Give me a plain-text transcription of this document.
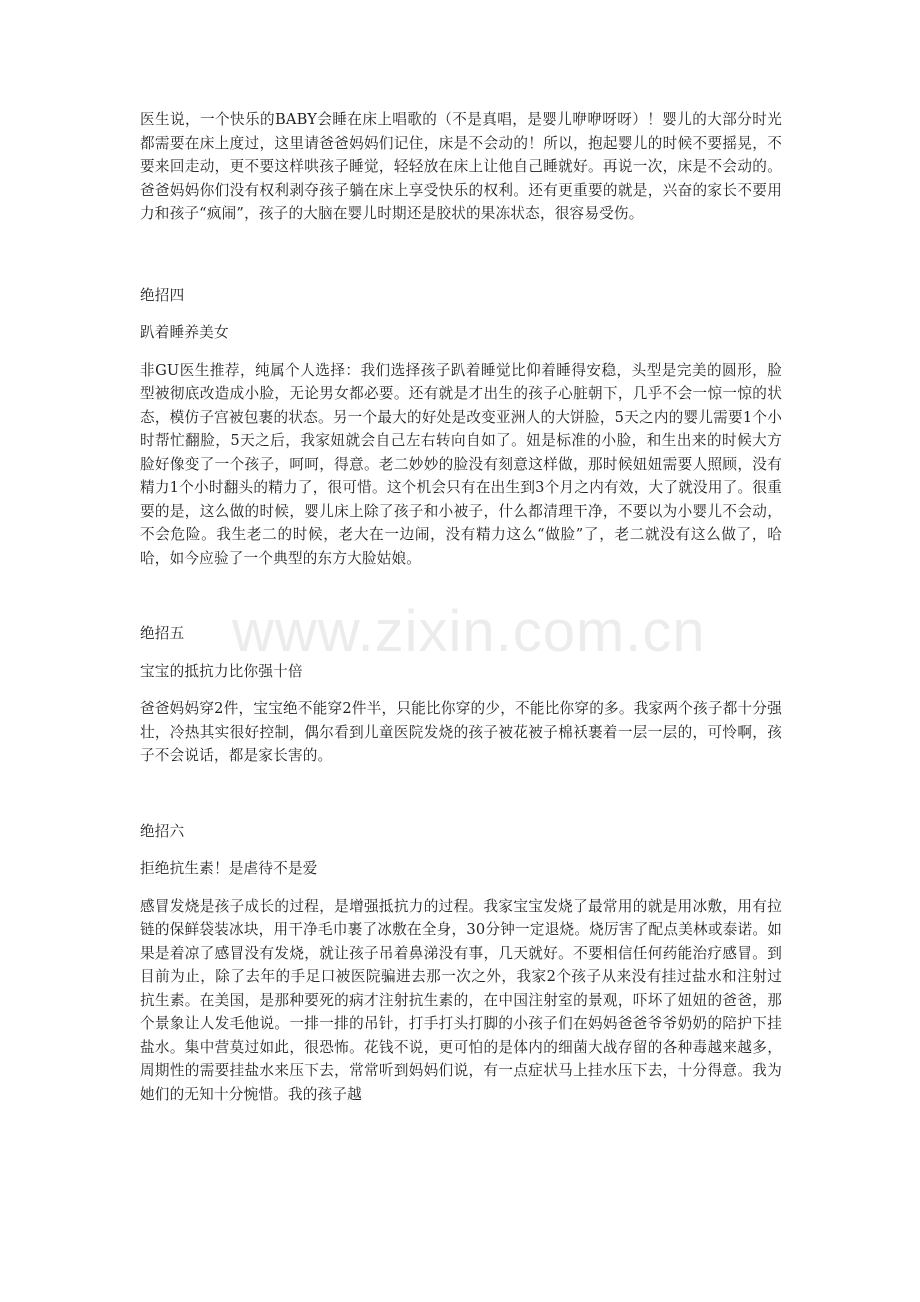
医生说，一个快乐的BABY会睡在床上唱歌的（不是真唱，是婴儿咿咿呀呀）！婴儿的大部分时光都需要在床上度过，这里请爸爸妈妈们记住，床是不会动的！所以，抱起婴儿的时候不要摇晃，不要来回走动，更不要这样哄孩子睡觉，轻轻放在床上让他自己睡就好。再说一次，床是不会动的。爸爸妈妈你们没有权利剥夺孩子躺在床上享受快乐的权利。还有更重要的就是，兴奋的家长不要用力和孩子“疯闹”，孩子的大脑在婴儿时期还是胶状的果冻状态，很容易受伤。

绝招四

趴着睡养美女

非GU医生推荐，纯属个人选择：我们选择孩子趴着睡觉比仰着睡得安稳，头型是完美的圆形，脸型被彻底改造成小脸，无论男女都必要。还有就是才出生的孩子心脏朝下，几乎不会一惊一惊的状态，模仿子宫被包裹的状态。另一个最大的好处是改变亚洲人的大饼脸，5天之内的婴儿需要1个小时帮忙翻脸，5天之后，我家妞就会自己左右转向自如了。妞是标准的小脸，和生出来的时候大方脸好像变了一个孩子，呵呵，得意。老二妙妙的脸没有刻意这样做，那时候妞妞需要人照顾，没有精力1个小时翻头的精力了，很可惜。这个机会只有在出生到3个月之内有效，大了就没用了。很重要的是，这么做的时候，婴儿床上除了孩子和小被子，什么都清理干净，不要以为小婴儿不会动，不会危险。我生老二的时候，老大在一边闹，没有精力这么“做脸”了，老二就没有这么做了，哈哈，如今应验了一个典型的东方大脸姑娘。

绝招五

宝宝的抵抗力比你强十倍

爸爸妈妈穿2件，宝宝绝不能穿2件半，只能比你穿的少，不能比你穿的多。我家两个孩子都十分强壮，冷热其实很好控制，偶尔看到儿童医院发烧的孩子被花被子棉袄裹着一层一层的，可怜啊，孩子不会说话，都是家长害的。

绝招六

拒绝抗生素！是虐待不是爱

感冒发烧是孩子成长的过程，是增强抵抗力的过程。我家宝宝发烧了最常用的就是用冰敷，用有拉链的保鲜袋装冰块，用干净毛巾裹了冰敷在全身，30分钟一定退烧。烧厉害了配点美林或泰诺。如果是着凉了感冒没有发烧，就让孩子吊着鼻涕没有事，几天就好。不要相信任何药能治疗感冒。到目前为止，除了去年的手足口被医院骗进去那一次之外，我家2个孩子从来没有挂过盐水和注射过抗生素。在美国，是那种要死的病才注射抗生素的，在中国注射室的景观，吓坏了妞妞的爸爸，那个景象让人发毛他说。一排一排的吊针，打手打头打脚的小孩子们在妈妈爸爸爷爷奶奶的陪护下挂盐水。集中营莫过如此，很恐怖。花钱不说，更可怕的是体内的细菌大战存留的各种毒越来越多，周期性的需要挂盐水来压下去，常常听到妈妈们说，有一点症状马上挂水压下去，十分得意。我为她们的无知十分惋惜。我的孩子越

www.zixin.com.cn
